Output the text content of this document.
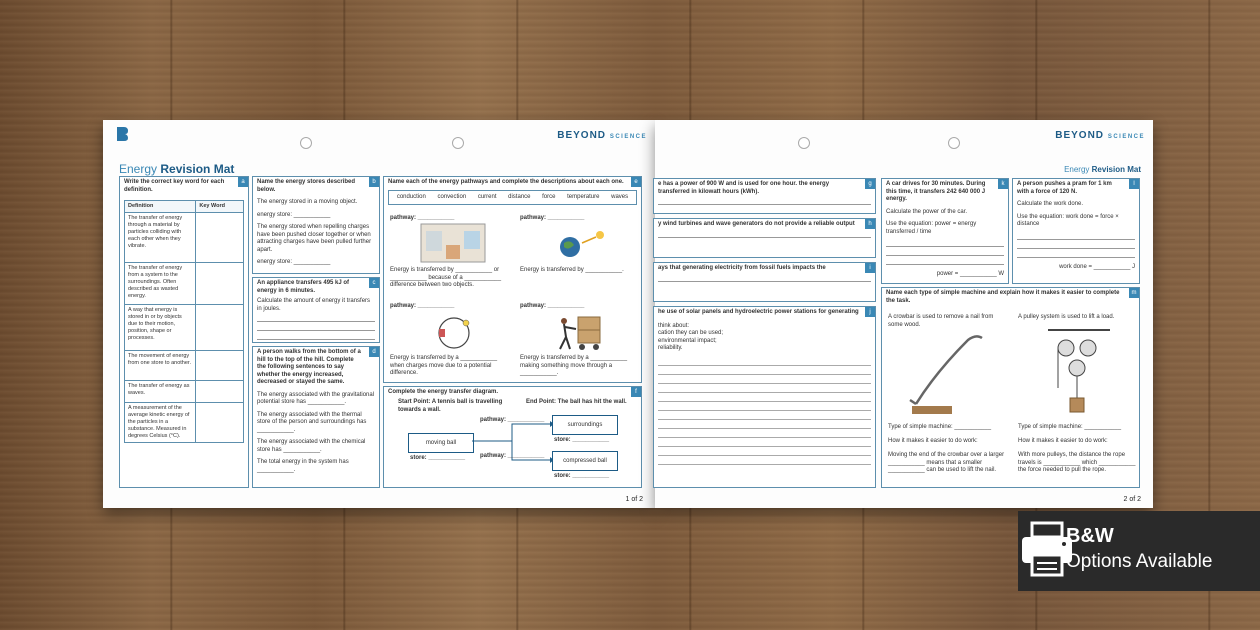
BEYOND SCIENCE
Energy Revision Mat
a
Write the correct key word for each definition.
Definition	Key Word
The transfer of energy through a material by particles colliding with each other when they vibrate.	
The transfer of energy from a system to the surroundings. Often described as wasted energy.	
A way that energy is stored in or by objects due to their motion, position, shape or processes.	
The movement of energy from one store to another.	
The transfer of energy as waves.	
A measurement of the average kinetic energy of the particles in a substance. Measured in degrees Celsius (°C).	
b
Name the energy stores described below.
The energy stored in a moving object.
energy store: ___________
The energy stored when repelling charges have been pushed closer together or when attracting charges have been pulled further apart.
energy store: ___________
c
An appliance transfers 495 kJ of energy in 6 minutes.
Calculate the amount of energy it transfers in joules.
d
A person walks from the bottom of a hill to the top of the hill. Complete the following sentences to say whether the energy increased, decreased or stayed the same.
The energy associated with the gravitational potential store has ___________.
The energy associated with the thermal store of the person and surroundings has ___________.
The energy associated with the chemical store has ___________.
The total energy in the system has ___________.
e
Name each of the energy pathways and complete the descriptions about each one.
conduction convection current distance force temperature waves
pathway: ___________	pathway: ___________
Energy is transferred by ___________ or ___________ because of a ___________ difference between two objects.
Energy is transferred by ___________.
pathway: ___________	pathway: ___________
Energy is transferred by a ___________ when charges move due to a potential difference.
Energy is transferred by a ___________ making something move through a ___________.
f
Complete the energy transfer diagram.
Start Point: A tennis ball is travelling towards a wall.
End Point: The ball has hit the wall.
pathway: ___________
moving ball
surroundings
compressed ball
store: ___________ pathway: ___________
store: ___________
store: ___________
1 of 2
BEYOND SCIENCE
Energy Revision Mat
g
e has a power of 900 W and is used for one hour. the energy transferred in kilowatt hours (kWh).
h
y wind turbines and wave generators do not provide a reliable output
i
ays that generating electricity from fossil fuels impacts the
j
he use of solar panels and hydroelectric power stations for generating
think about:
cation they can be used;
environmental impact;
reliability.
k
A car drives for 30 minutes. During this time, it transfers 242 640 000 J energy.
Calculate the power of the car.
Use the equation: power = energy transferred / time
power = ___________ W
l
A person pushes a pram for 1 km with a force of 120 N.
Calculate the work done.
Use the equation: work done = force × distance
work done = ___________ J
m
Name each type of simple machine and explain how it makes it easier to complete the task.
A crowbar is used to remove a nail from some wood.
A pulley system is used to lift a load.
Type of simple machine: ___________	Type of simple machine: ___________
How it makes it easier to do work:	How it makes it easier to do work:
Moving the end of the crowbar over a larger ___________ means that a smaller ___________ can be used to lift the nail.
With more pulleys, the distance the rope travels is ___________ which ___________ the force needed to pull the rope.
2 of 2
B&W
Options Available
